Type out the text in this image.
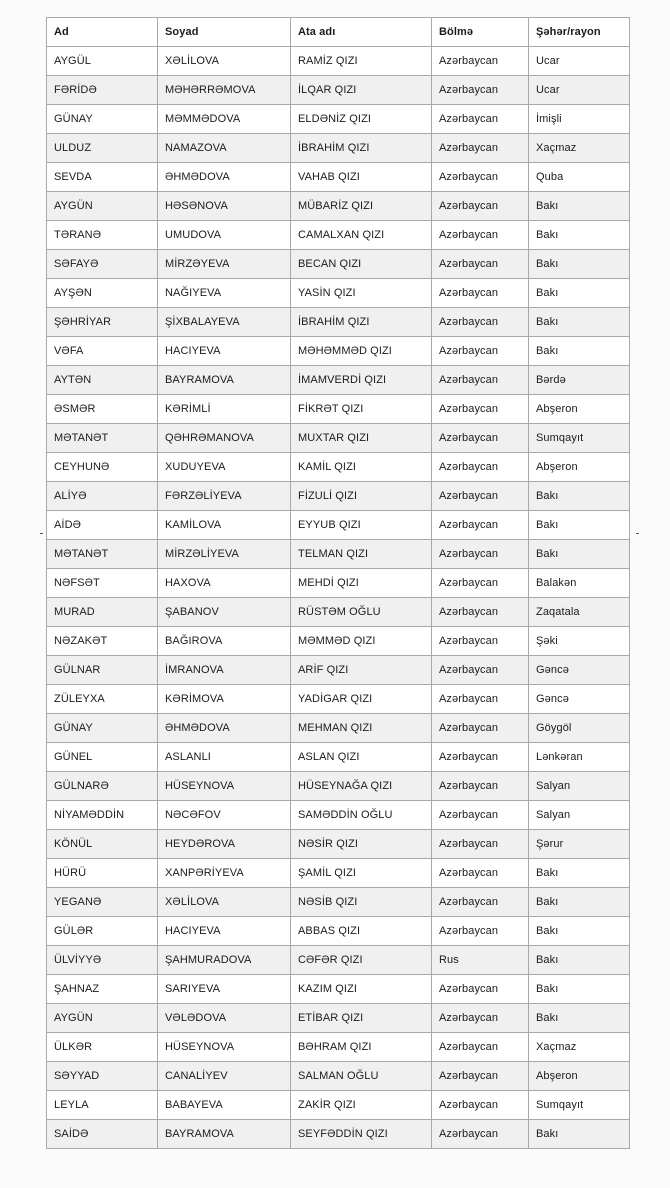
Ad	Soyad	Ata adı	Bölmə	Şəhər/rayon
AYGÜL	XƏLİLOVA	RAMİZ QIZI	Azərbaycan	Ucar
FƏRİDƏ	MƏHƏRRƏMOVA	İLQAR QIZI	Azərbaycan	Ucar
GÜNAY	MƏMMƏDOVA	ELDƏNİZ QIZI	Azərbaycan	İmişli
ULDUZ	NAMAZOVA	İBRAHİM QIZI	Azərbaycan	Xaçmaz
SEVDA	ƏHMƏDOVA	VAHAB QIZI	Azərbaycan	Quba
AYGÜN	HƏSƏNOVA	MÜBARİZ QIZI	Azərbaycan	Bakı
TƏRANƏ	UMUDOVA	CAMALXAN QIZI	Azərbaycan	Bakı
SƏFAYƏ	MİRZƏYEVA	BECAN QIZI	Azərbaycan	Bakı
AYŞƏN	NAĞIYEVA	YASİN QIZI	Azərbaycan	Bakı
ŞƏHRİYAR	ŞİXBALAYEVA	İBRAHİM QIZI	Azərbaycan	Bakı
VƏFA	HACIYEVA	MƏHƏMMƏD QIZI	Azərbaycan	Bakı
AYTƏN	BAYRAMOVA	İMAMVERDİ QIZI	Azərbaycan	Bərdə
ƏSMƏR	KƏRİMLİ	FİKRƏT QIZI	Azərbaycan	Abşeron
MƏTANƏT	QƏHRƏMANOVA	MUXTAR QIZI	Azərbaycan	Sumqayıt
CEYHUNƏ	XUDUYEVA	KAMİL QIZI	Azərbaycan	Abşeron
ALİYƏ	FƏRZƏLİYEVA	FİZULİ QIZI	Azərbaycan	Bakı
AİDƏ	KAMİLOVA	EYYUB QIZI	Azərbaycan	Bakı
MƏTANƏT	MİRZƏLİYEVA	TELMAN QIZI	Azərbaycan	Bakı
NƏFSƏT	HAXOVA	MEHDİ QIZI	Azərbaycan	Balakən
MURAD	ŞABANOV	RÜSTƏM OĞLU	Azərbaycan	Zaqatala
NƏZAKƏT	BAĞIROVA	MƏMMƏD QIZI	Azərbaycan	Şəki
GÜLNAR	İMRANOVA	ARİF QIZI	Azərbaycan	Gəncə
ZÜLEYXA	KƏRİMOVA	YADİGAR QIZI	Azərbaycan	Gəncə
GÜNAY	ƏHMƏDOVA	MEHMAN QIZI	Azərbaycan	Göygöl
GÜNEL	ASLANLI	ASLAN QIZI	Azərbaycan	Lənkəran
GÜLNARƏ	HÜSEYNOVA	HÜSEYNAĞA QIZI	Azərbaycan	Salyan
NİYAMƏDDİN	NƏCƏFOV	SAMƏDDİN OĞLU	Azərbaycan	Salyan
KÖNÜL	HEYDƏROVA	NƏSİR QIZI	Azərbaycan	Şərur
HÜRÜ	XANPƏRİYEVA	ŞAMİL QIZI	Azərbaycan	Bakı
YEGANƏ	XƏLİLOVA	NƏSİB QIZI	Azərbaycan	Bakı
GÜLƏR	HACIYEVA	ABBAS QIZI	Azərbaycan	Bakı
ÜLVİYYƏ	ŞAHMURADOVA	CƏFƏR QIZI	Rus	Bakı
ŞAHNAZ	SARIYEVA	KAZIM QIZI	Azərbaycan	Bakı
AYGÜN	VƏLƏDOVA	ETİBAR QIZI	Azərbaycan	Bakı
ÜLKƏR	HÜSEYNOVA	BƏHRAM QIZI	Azərbaycan	Xaçmaz
SƏYYAD	CANALİYEV	SALMAN OĞLU	Azərbaycan	Abşeron
LEYLA	BABAYEVA	ZAKİR QIZI	Azərbaycan	Sumqayıt
SAİDƏ	BAYRAMOVA	SEYFƏDDİN QIZI	Azərbaycan	Bakı
